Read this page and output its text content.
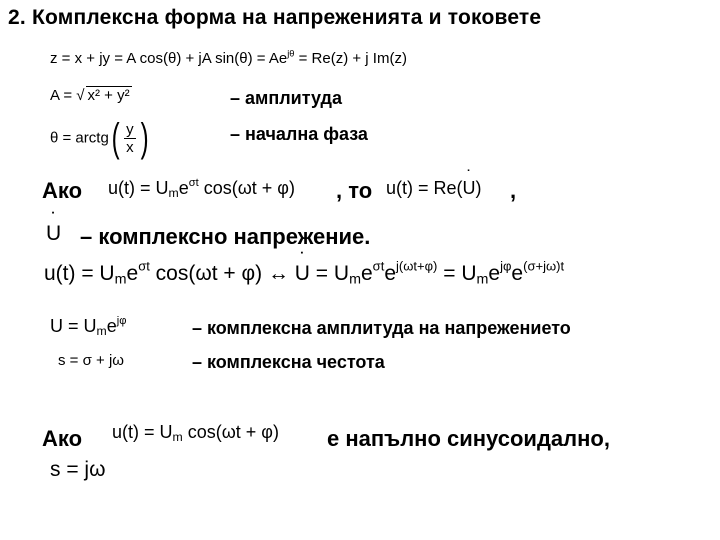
2. Комплексна форма на напреженията и токовете
z = x + jy = A cos(θ) + jA $\sin(\theta) = Ae^{j\theta} = Re(z) + j$ Im(z)
A = √ x² + y²	– амплитуда
θ = arctg( $\frac{y}{x}$ )	– начална фаза
Ако $u(t) = U_me^{\sigma t}$ cos(ωt + φ) , то u(t) = Re(˙ U) ,
˙ U – комплексно напрежение.
$u(t) = U_me^{\sigma t}$ cos(ωt + φ) ↔ ˙ $U = U_me^{\sigma t}e^{j(\omega t+\varphi)} = U_me^{j\varphi}e^{(\sigma+j\omega)t}$
$U = U_me^{j\varphi}$	– комплексна амплитуда на напрежението
s = σ + jω	– комплексна честота
Ако $u(t) = U_m$ cos(ωt + φ) е напълно синусоидално,
s = jω
